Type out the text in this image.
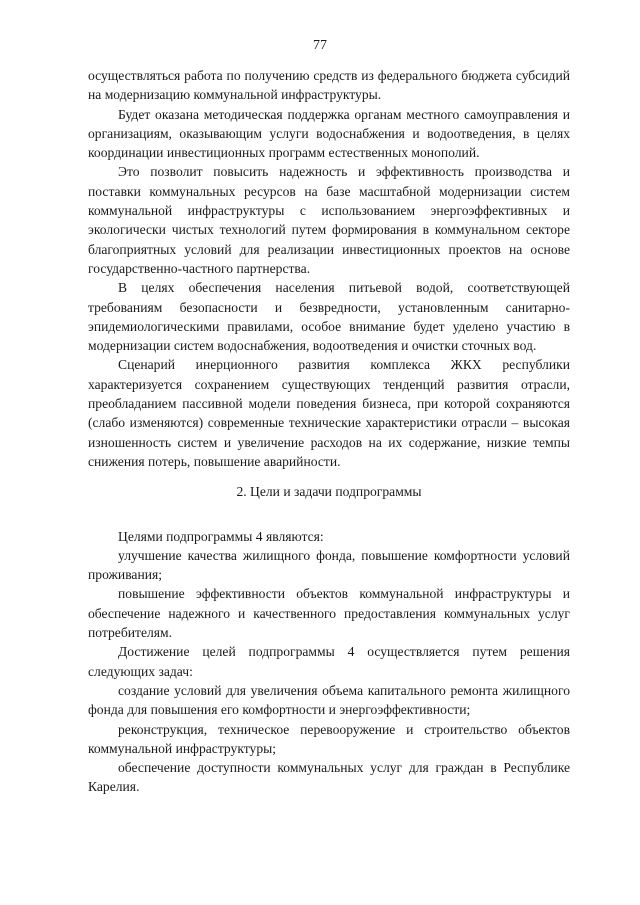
77

осуществляться работа по получению средств из федерального бюджета субсидий на модернизацию коммунальной инфраструктуры.

Будет оказана методическая поддержка органам местного самоуправления и организациям, оказывающим услуги водоснабжения и водоотведения, в целях координации инвестиционных программ естественных монополий.

Это позволит повысить надежность и эффективность производства и поставки коммунальных ресурсов на базе масштабной модернизации систем коммунальной инфраструктуры с использованием энергоэффективных и экологически чистых технологий путем формирования в коммунальном секторе благоприятных условий для реализации инвестиционных проектов на основе государственно-частного партнерства.

В целях обеспечения населения питьевой водой, соответствующей требованиям безопасности и безвредности, установленным санитарно-эпидемиологическими правилами, особое внимание будет уделено участию в модернизации систем водоснабжения, водоотведения и очистки сточных вод.

Сценарий инерционного развития комплекса ЖКХ республики характеризуется сохранением существующих тенденций развития отрасли, преобладанием пассивной модели поведения бизнеса, при которой сохраняются (слабо изменяются) современные технические характеристики отрасли – высокая изношенность систем и увеличение расходов на их содержание, низкие темпы снижения потерь, повышение аварийности.

2. Цели и задачи подпрограммы

Целями подпрограммы 4 являются:

улучшение качества жилищного фонда, повышение комфортности условий проживания;

повышение эффективности объектов коммунальной инфраструктуры и обеспечение надежного и качественного предоставления коммунальных услуг потребителям.

Достижение целей подпрограммы 4 осуществляется путем решения следующих задач:

создание условий для увеличения объема капитального ремонта жилищного фонда для повышения его комфортности и энергоэффективности;

реконструкция, техническое перевооружение и строительство объектов коммунальной инфраструктуры;

обеспечение доступности коммунальных услуг для граждан в Республике Карелия.
